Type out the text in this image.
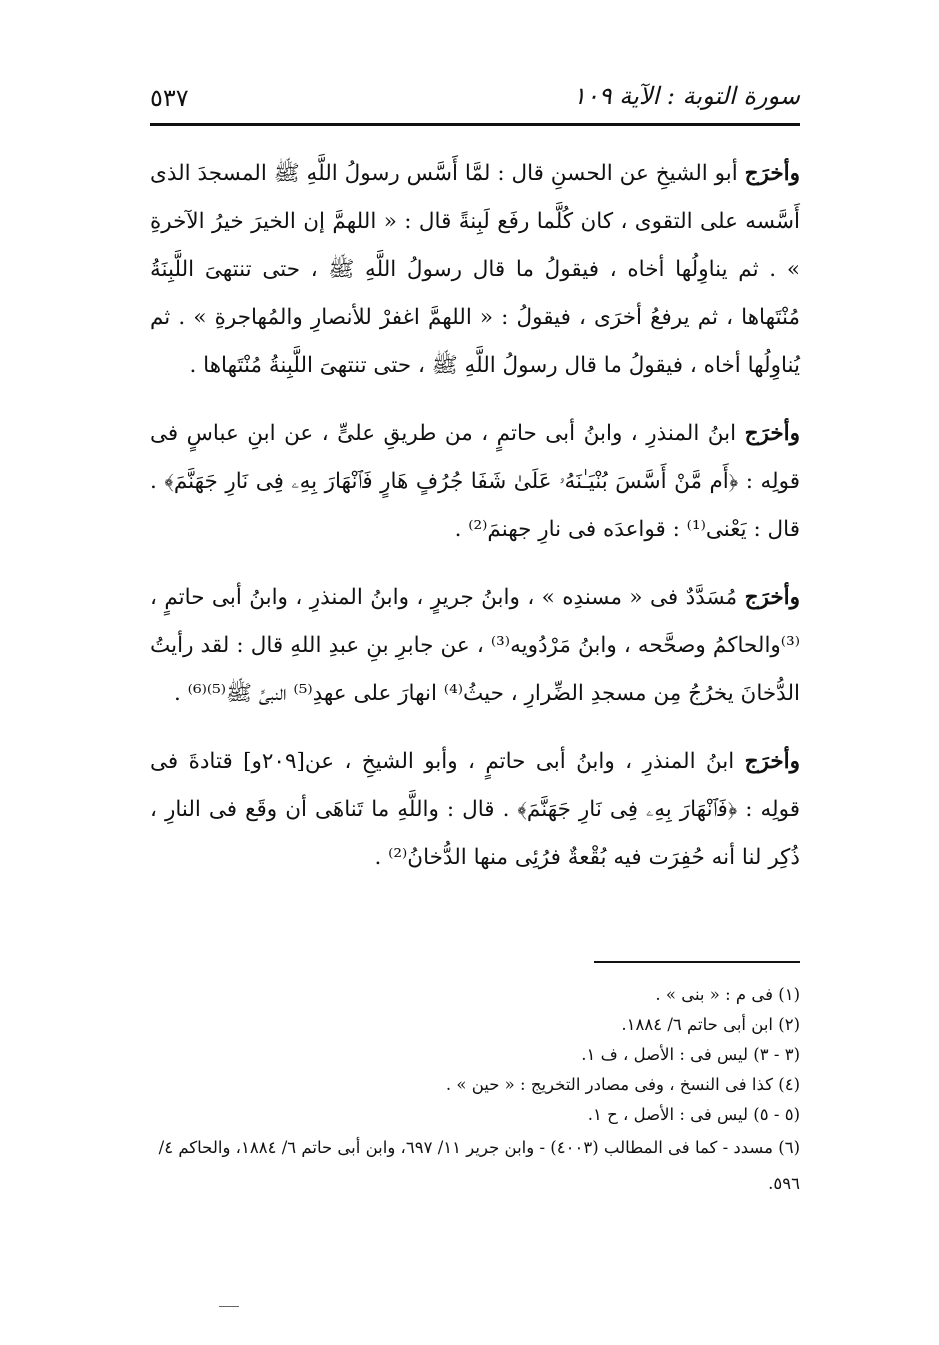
٥٣٧	سورة التوبة : الآية ١٠٩

وأخرَج أبو الشيخِ عن الحسنِ قال : لمَّا أَسَّس رسولُ اللَّهِ ﷺ المسجدَ الذى أَسَّسه على التقوى ، كان كُلَّما رفَع لَبِنةً قال : « اللهمَّ إن الخيرَ خيرُ الآخرةِ » . ثم يناوِلُها أخاه ، فيقولُ ما قال رسولُ اللَّهِ ﷺ ، حتى تنتهىَ اللَّبِنَةُ مُنْتَهاها ، ثم يرفعُ أخرَى ، فيقولُ : « اللهمَّ اغفرْ للأنصارِ والمُهاجرةِ » . ثم يُناوِلُها أخاه ، فيقولُ ما قال رسولُ اللَّهِ ﷺ ، حتى تنتهىَ اللَّبِنةُ مُنْتَهاها .

وأخرَج ابنُ المنذرِ ، وابنُ أبى حاتمٍ ، من طريقِ علىٍّ ، عن ابنِ عباسٍ فى قولِه : ﴿أَم مَّنْ أَسَّسَ بُنْيَـٰنَهُۥ عَلَىٰ شَفَا جُرُفٍ هَارٍ فَٱنْهَارَ بِهِۦ فِى نَارِ جَهَنَّمَ﴾ . قال : يَعْنى⁽¹⁾ : قواعدَه فى نارِ جهنمَ⁽²⁾ .

وأخرَج مُسَدَّدٌ فى « مسندِه » ، وابنُ جريرٍ ، وابنُ المنذرِ ، وابنُ أبى حاتمٍ ، ⁽³⁾والحاكمُ وصحَّحه ، وابنُ مَرْدُويه⁽³⁾ ، عن جابرِ بنِ عبدِ اللهِ قال : لقد رأيتُ الدُّخانَ يخرُجُ مِن مسجدِ الضِّرارِ ، حيثُ⁽⁴⁾ انهارَ على عهدِ⁽⁵⁾ النبىِّ ﷺ⁽⁵⁾⁽⁶⁾ .

وأخرَج ابنُ المنذرِ ، وابنُ أبى حاتمٍ ، وأبو الشيخِ ، عن[٢٠٩و] قتادةَ فى قولِه : ﴿فَٱنْهَارَ بِهِۦ فِى نَارِ جَهَنَّمَ﴾ . قال : واللَّهِ ما تَناهَى أن وقَع فى النارِ ، ذُكِر لنا أنه حُفِرَت فيه بُقْعةٌ فرُئِى منها الدُّخانُ⁽²⁾ .

(١) فى م : « بنى » .

(٢) ابن أبى حاتم ٦/ ١٨٨٤.

(٣ - ٣) ليس فى : الأصل ، ف ١.

(٤) كذا فى النسخ ، وفى مصادر التخريج : « حين » .

(٥ - ٥) ليس فى : الأصل ، ح ١.

(٦) مسدد - كما فى المطالب (٤٠٠٣) - وابن جرير ١١/ ٦٩٧، وابن أبى حاتم ٦/ ١٨٨٤، والحاكم ٤/ ٥٩٦.
